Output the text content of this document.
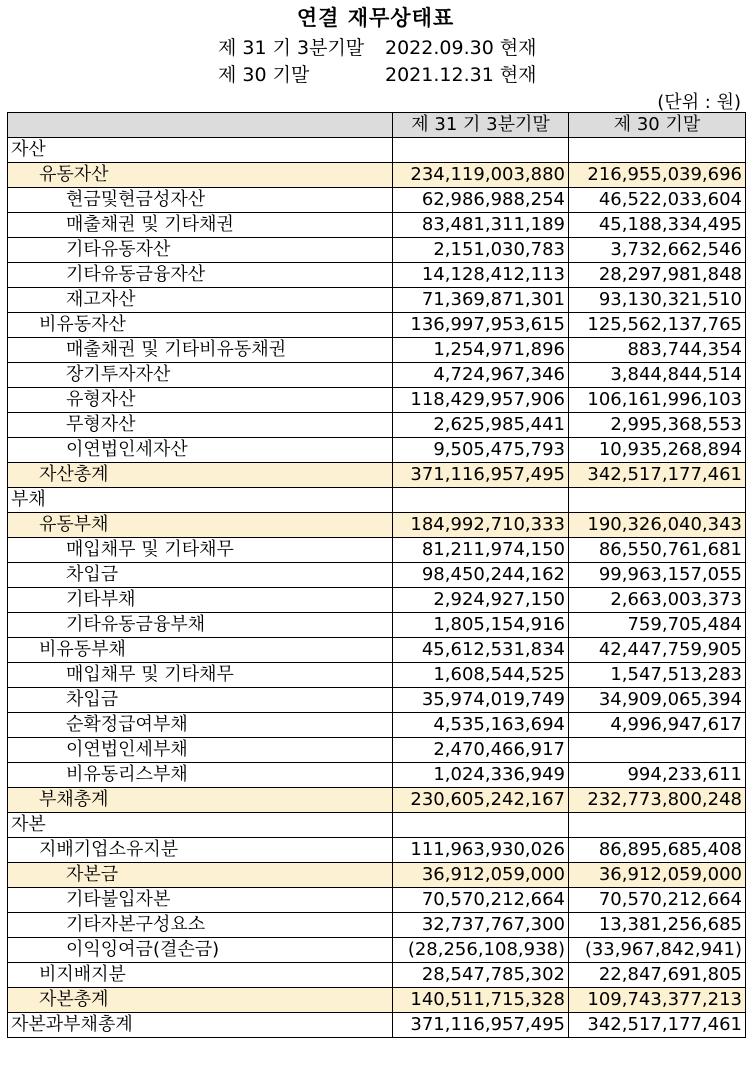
연결 재무상태표
제 31 기 3분기말 2022.09.30 현재
제 30 기말	2021.12.31 현재
(단위 : 원)
	제 31 기 3분기말	제 30 기말
자산		
유동자산	234,119,003,880	216,955,039,696
현금및현금성자산	62,986,988,254	46,522,033,604
매출채권 및 기타채권	83,481,311,189	45,188,334,495
기타유동자산	2,151,030,783	3,732,662,546
기타유동금융자산	14,128,412,113	28,297,981,848
재고자산	71,369,871,301	93,130,321,510
비유동자산	136,997,953,615	125,562,137,765
매출채권 및 기타비유동채권	1,254,971,896	883,744,354
장기투자자산	4,724,967,346	3,844,844,514
유형자산	118,429,957,906	106,161,996,103
무형자산	2,625,985,441	2,995,368,553
이연법인세자산	9,505,475,793	10,935,268,894
자산총계	371,116,957,495	342,517,177,461
부채		
유동부채	184,992,710,333	190,326,040,343
매입채무 및 기타채무	81,211,974,150	86,550,761,681
차입금	98,450,244,162	99,963,157,055
기타부채	2,924,927,150	2,663,003,373
기타유동금융부채	1,805,154,916	759,705,484
비유동부채	45,612,531,834	42,447,759,905
매입채무 및 기타채무	1,608,544,525	1,547,513,283
차입금	35,974,019,749	34,909,065,394
순확정급여부채	4,535,163,694	4,996,947,617
이연법인세부채	2,470,466,917	
비유동리스부채	1,024,336,949	994,233,611
부채총계	230,605,242,167	232,773,800,248
자본		
지배기업소유지분	111,963,930,026	86,895,685,408
자본금	36,912,059,000	36,912,059,000
기타불입자본	70,570,212,664	70,570,212,664
기타자본구성요소	32,737,767,300	13,381,256,685
이익잉여금(결손금)	(28,256,108,938)	(33,967,842,941)
비지배지분	28,547,785,302	22,847,691,805
자본총계	140,511,715,328	109,743,377,213
자본과부채총계	371,116,957,495	342,517,177,461
